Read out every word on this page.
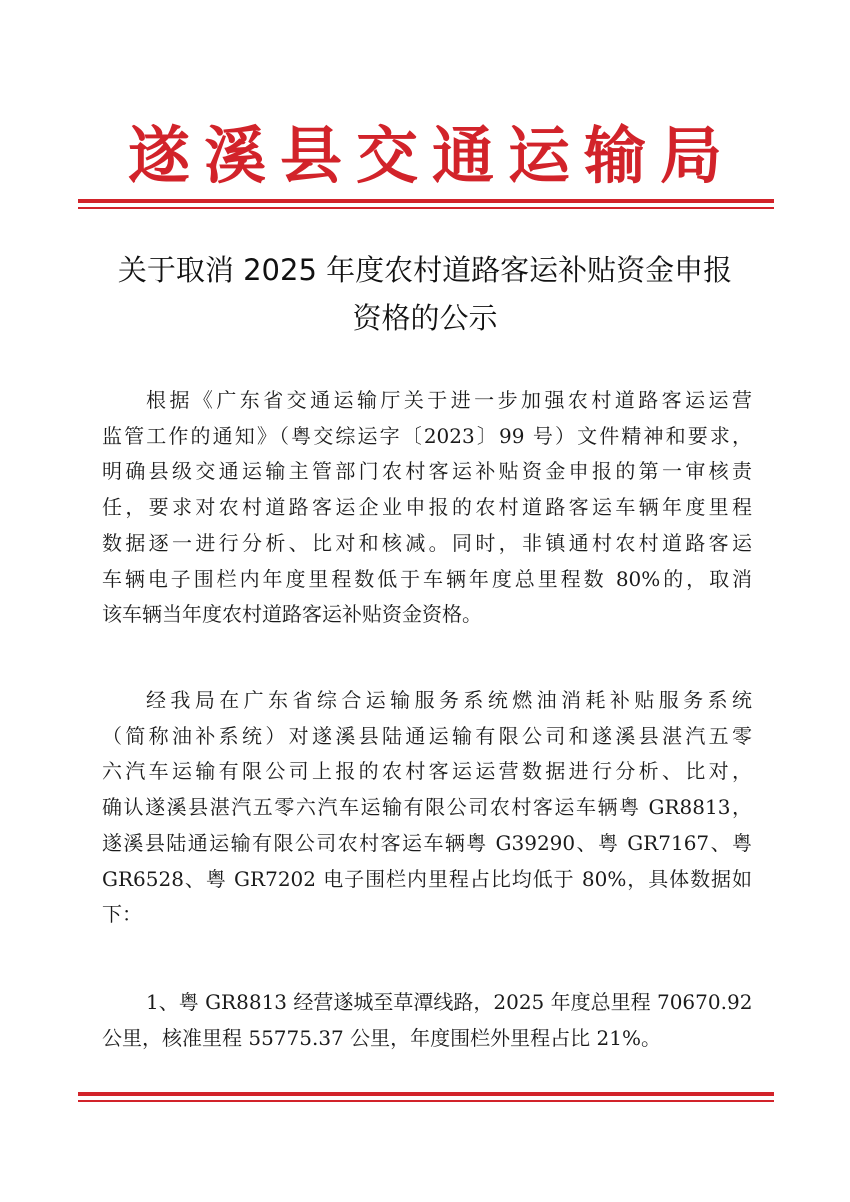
遂溪县交通运输局
关于取消 2025 年度农村道路客运补贴资金申报
资格的公示
根据《广东省交通运输厅关于进一步加强农村道路客运运营
监管工作的通知》（粤交综运字〔2023〕99 号）文件精神和要求，
明确县级交通运输主管部门农村客运补贴资金申报的第一审核责
任，要求对农村道路客运企业申报的农村道路客运车辆年度里程
数据逐一进行分析、比对和核减。同时，非镇通村农村道路客运
车辆电子围栏内年度里程数低于车辆年度总里程数 80%的，取消
该车辆当年度农村道路客运补贴资金资格。
经我局在广东省综合运输服务系统燃油消耗补贴服务系统
（简称油补系统）对遂溪县陆通运输有限公司和遂溪县湛汽五零
六汽车运输有限公司上报的农村客运运营数据进行分析、比对，
确认遂溪县湛汽五零六汽车运输有限公司农村客运车辆粤 GR8813，
遂溪县陆通运输有限公司农村客运车辆粤 G39290、粤 GR7167、粤
GR6528、粤 GR7202 电子围栏内里程占比均低于 80%，具体数据如
下：
1、粤 GR8813 经营遂城至草潭线路，2025 年度总里程 70670.92
公里，核准里程 55775.37 公里，年度围栏外里程占比 21%。
